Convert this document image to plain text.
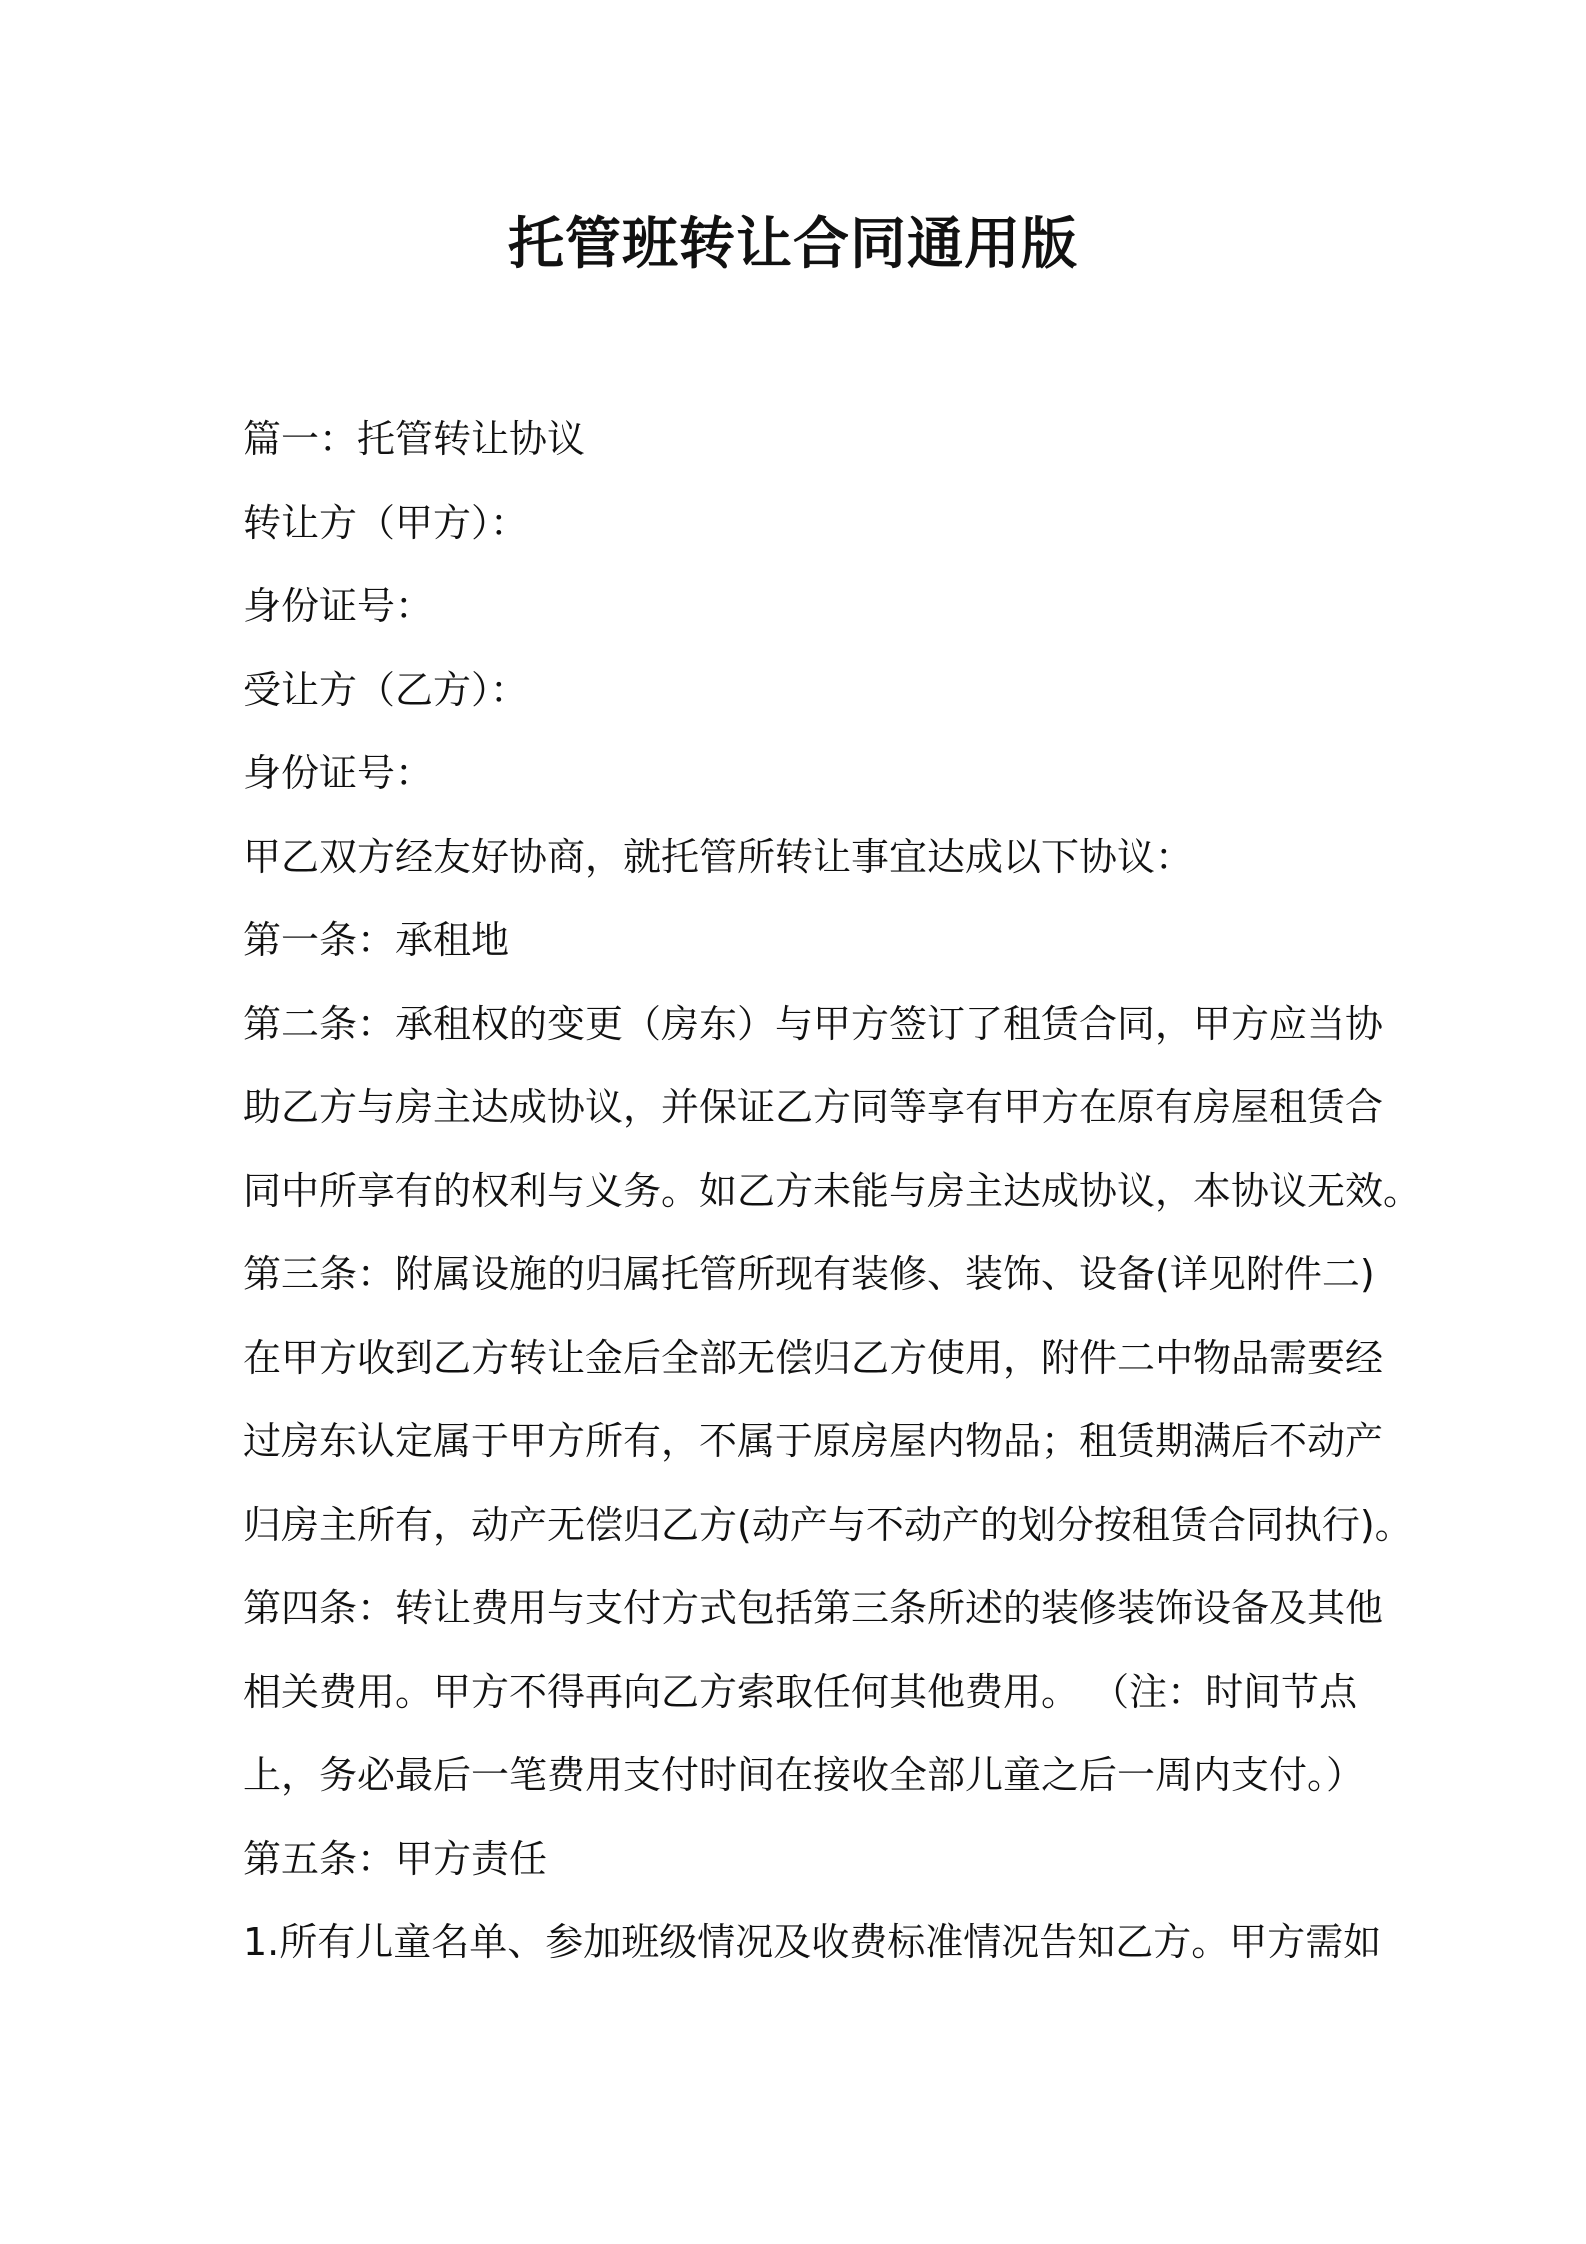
托管班转让合同通用版
篇一：托管转让协议
转让方（甲方）：
身份证号：
受让方（乙方）：
身份证号：
甲乙双方经友好协商，就托管所转让事宜达成以下协议：
第一条：承租地
第二条：承租权的变更（房东）与甲方签订了租赁合同，甲方应当协
助乙方与房主达成协议，并保证乙方同等享有甲方在原有房屋租赁合
同中所享有的权利与义务。如乙方未能与房主达成协议，本协议无效。
第三条：附属设施的归属托管所现有装修、装饰、设备(详见附件二)
在甲方收到乙方转让金后全部无偿归乙方使用，附件二中物品需要经
过房东认定属于甲方所有，不属于原房屋内物品；租赁期满后不动产
归房主所有，动产无偿归乙方(动产与不动产的划分按租赁合同执行)。
第四条：转让费用与支付方式包括第三条所述的装修装饰设备及其他
相关费用。甲方不得再向乙方索取任何其他费用。 （注：时间节点
上，务必最后一笔费用支付时间在接收全部儿童之后一周内支付。）
第五条：甲方责任
1.所有儿童名单、参加班级情况及收费标准情况告知乙方。甲方需如
